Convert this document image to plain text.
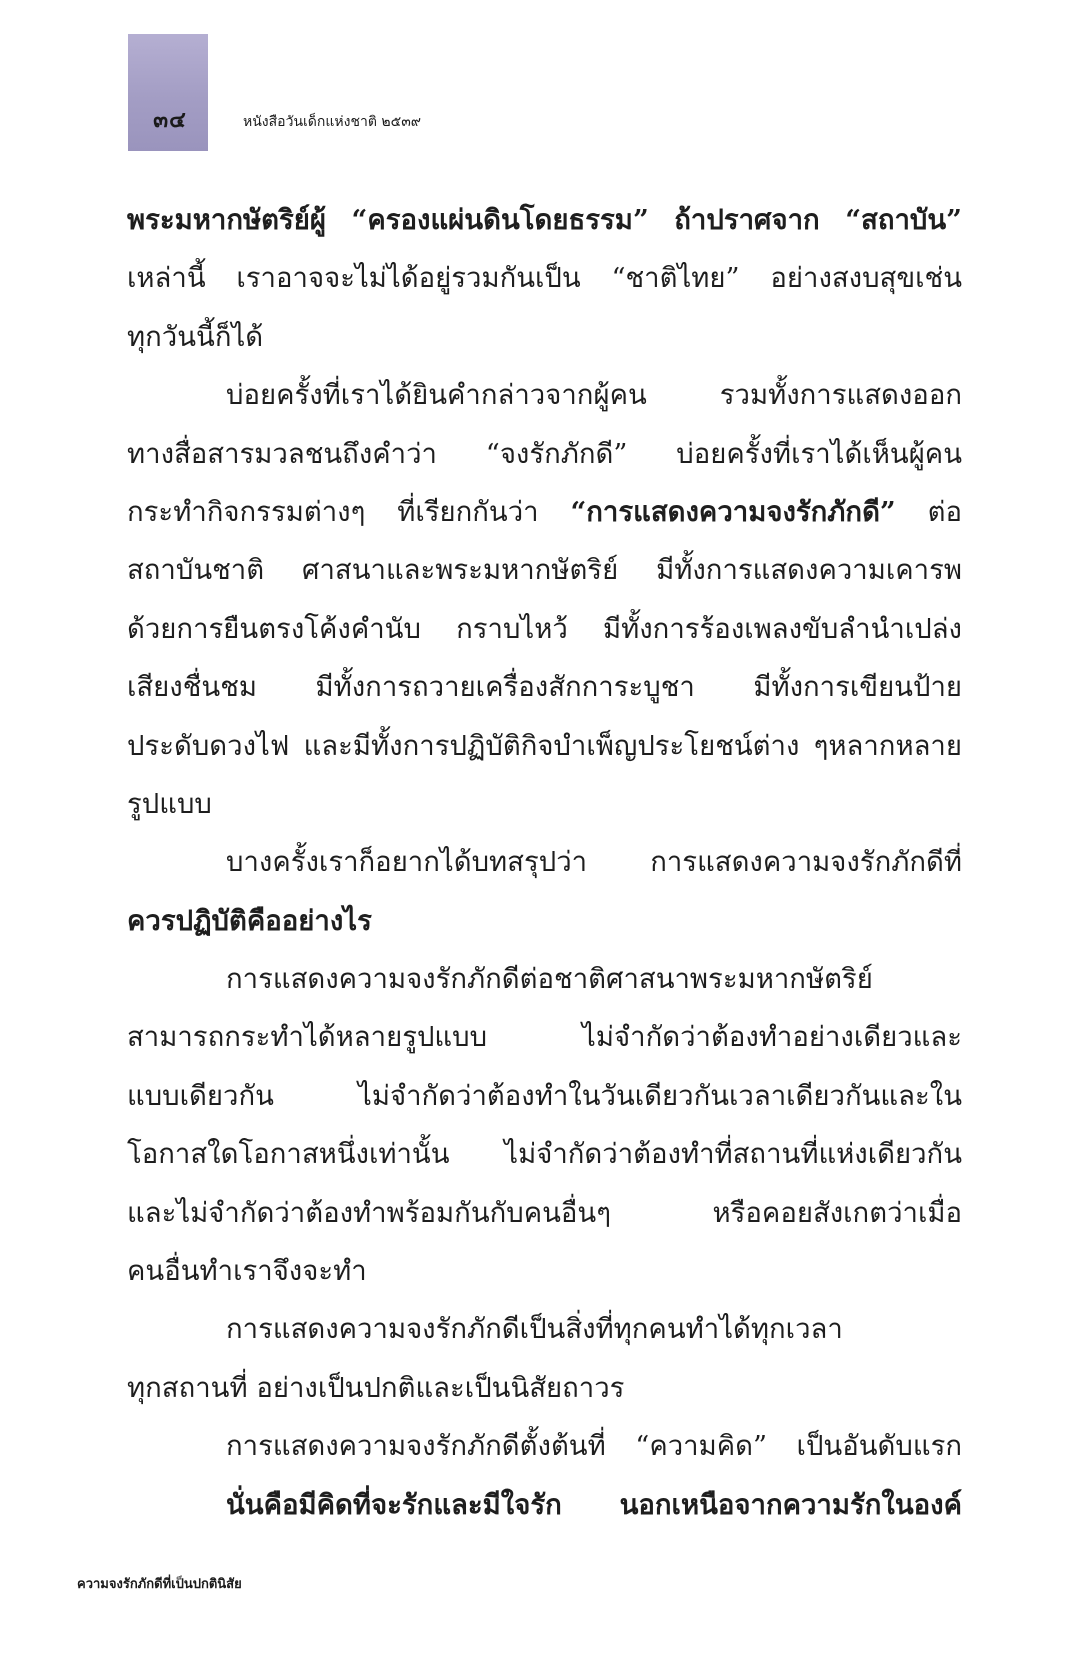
๓๔	หนังสือวันเด็กแห่งชาติ ๒๕๓๙
พระมหากษัตริย์ผู้ “ครองแผ่นดินโดยธรรม” ถ้าปราศจาก “สถาบัน”
เหล่านี้ เราอาจจะไม่ได้อยู่รวมกันเป็น “ชาติไทย” อย่างสงบสุขเช่น
ทุกวันนี้ก็ได้
บ่อยครั้งที่เราได้ยินคำกล่าวจากผู้คน รวมทั้งการแสดงออก
ทางสื่อสารมวลชนถึงคำว่า “จงรักภักดี” บ่อยครั้งที่เราได้เห็นผู้คน
กระทำกิจกรรมต่างๆ ที่เรียกกันว่า “การแสดงความจงรักภักดี” ต่อ
สถาบันชาติ ศาสนาและพระมหากษัตริย์ มีทั้งการแสดงความเคารพ
ด้วยการยืนตรงโค้งคำนับ กราบไหว้ มีทั้งการร้องเพลงขับลำนำเปล่ง
เสียงชื่นชม มีทั้งการถวายเครื่องสักการะบูชา มีทั้งการเขียนป้าย
ประดับดวงไฟ และมีทั้งการปฏิบัติกิจบำเพ็ญประโยชน์ต่าง ๆหลากหลาย
รูปแบบ
บางครั้งเราก็อยากได้บทสรุปว่า การแสดงความจงรักภักดีที่
ควรปฏิบัติคืออย่างไร
การแสดงความจงรักภักดีต่อชาติศาสนาพระมหากษัตริย์
สามารถกระทำได้หลายรูปแบบ ไม่จำกัดว่าต้องทำอย่างเดียวและ
แบบเดียวกัน ไม่จำกัดว่าต้องทำในวันเดียวกันเวลาเดียวกันและใน
โอกาสใดโอกาสหนึ่งเท่านั้น ไม่จำกัดว่าต้องทำที่สถานที่แห่งเดียวกัน
และไม่จำกัดว่าต้องทำพร้อมกันกับคนอื่นๆ หรือคอยสังเกตว่าเมื่อ
คนอื่นทำเราจึงจะทำ
การแสดงความจงรักภักดีเป็นสิ่งที่ทุกคนทำได้ทุกเวลา
ทุกสถานที่ อย่างเป็นปกติและเป็นนิสัยถาวร
การแสดงความจงรักภักดีตั้งต้นที่ “ความคิด” เป็นอันดับแรก
นั่นคือมีคิดที่จะรักและมีใจรัก นอกเหนือจากความรักในองค์
ความจงรักภักดีที่เป็นปกตินิสัย
